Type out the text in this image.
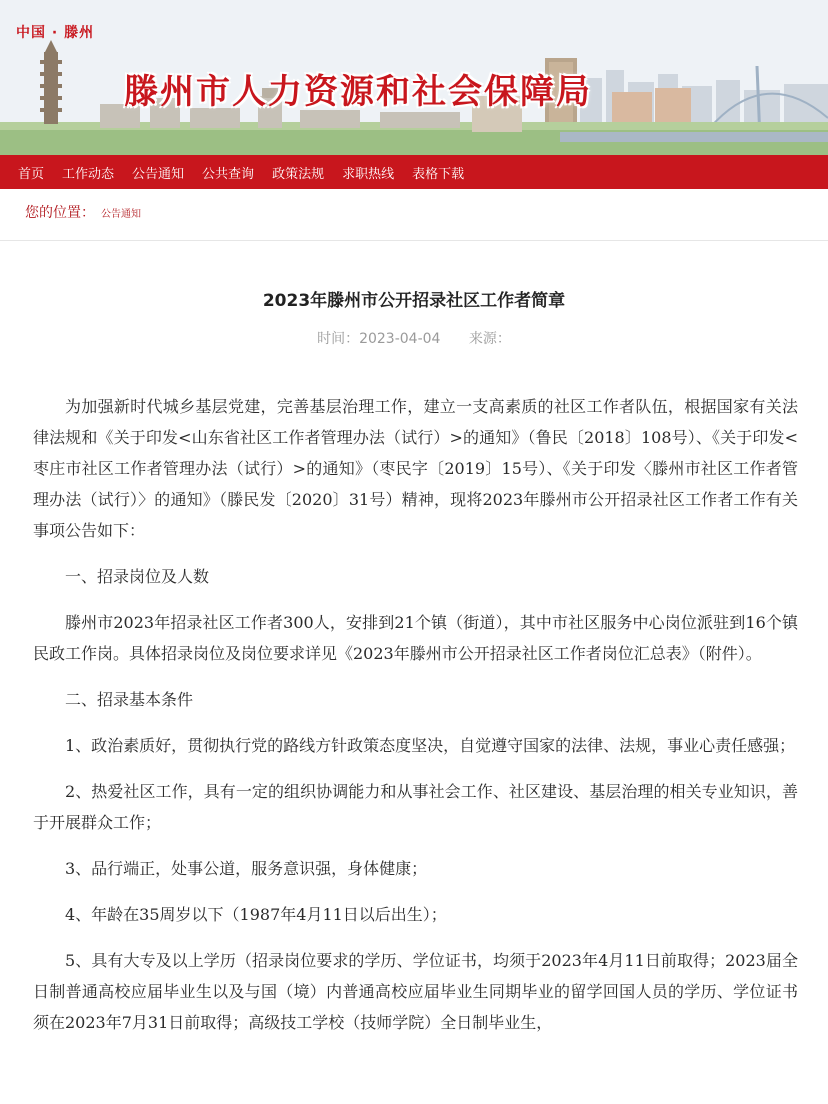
中国 · 滕州
滕州市人力资源和社会保障局
首页 工作动态 公告通知 公共查询 政策法规 求职热线 表格下载
您的位置： 公告通知
2023年滕州市公开招录社区工作者简章
时间：2023-04-04 来源：

为加强新时代城乡基层党建，完善基层治理工作，建立一支高素质的社区工作者队伍，根据国家有关法律法规和《关于印发<山东省社区工作者管理办法（试行）>的通知》（鲁民〔2018〕108号）、《关于印发<枣庄市社区工作者管理办法（试行）>的通知》（枣民字〔2019〕15号）、《关于印发〈滕州市社区工作者管理办法（试行）〉的通知》（滕民发〔2020〕31号）精神，现将2023年滕州市公开招录社区工作者工作有关事项公告如下：

一、招录岗位及人数

滕州市2023年招录社区工作者300人，安排到21个镇（街道），其中市社区服务中心岗位派驻到16个镇民政工作岗。具体招录岗位及岗位要求详见《2023年滕州市公开招录社区工作者岗位汇总表》（附件）。

二、招录基本条件

1、政治素质好，贯彻执行党的路线方针政策态度坚决，自觉遵守国家的法律、法规，事业心责任感强；

2、热爱社区工作，具有一定的组织协调能力和从事社会工作、社区建设、基层治理的相关专业知识，善于开展群众工作；

3、品行端正，处事公道，服务意识强，身体健康；

4、年龄在35周岁以下（1987年4月11日以后出生）；

5、具有大专及以上学历（招录岗位要求的学历、学位证书，均须于2023年4月11日前取得；2023届全日制普通高校应届毕业生以及与国（境）内普通高校应届毕业生同期毕业的留学回国人员的学历、学位证书须在2023年7月31日前取得；高级技工学校（技师学院）全日制毕业生，
